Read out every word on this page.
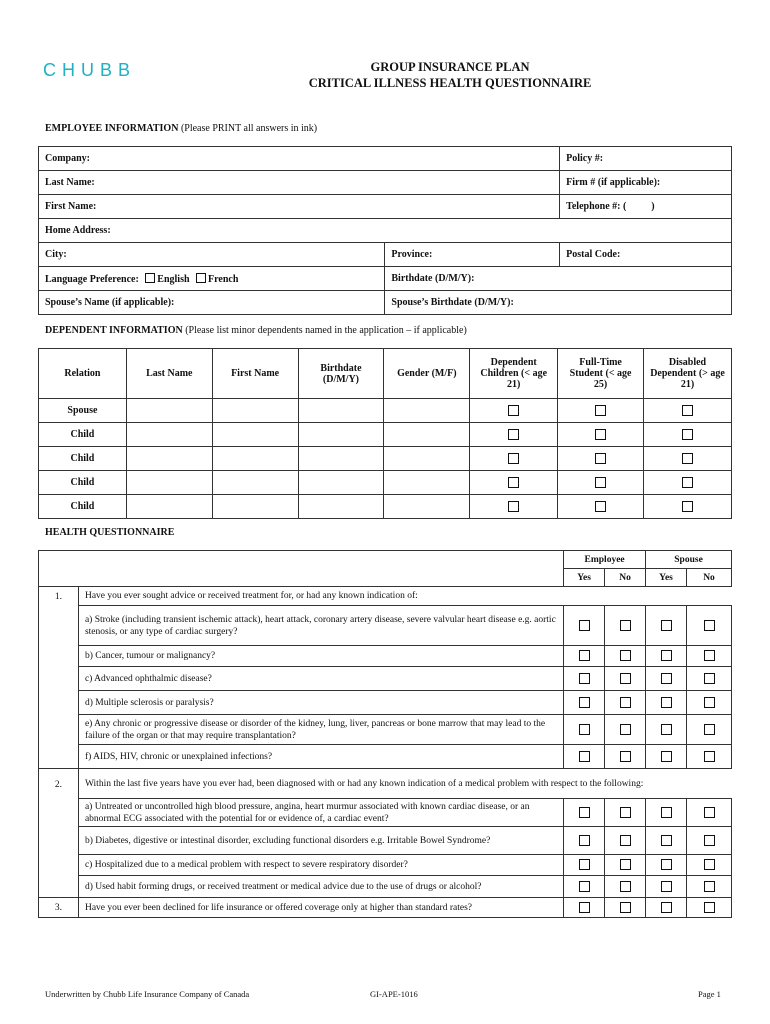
CHUBB	GROUP INSURANCE PLAN
CRITICAL ILLNESS HEALTH QUESTIONNAIRE
EMPLOYEE INFORMATION (Please PRINT all answers in ink)
Company:		Policy #:
Last Name:		Firm # (if applicable):
First Name:		Telephone #: (          )
Home Address:		
City:	Province:	Postal Code:
Language Preference: English French	Birthdate (D/M/Y):	
Spouse’s Name (if applicable):	Spouse’s Birthdate (D/M/Y):	
DEPENDENT INFORMATION (Please list minor dependents named in the application – if applicable)
Relation	Last Name	First Name	Birthdate (D/M/Y)	Gender (M/F)	Dependent Children (< age 21)	Full-Time Student (< age 25)	Disabled Dependent (> age 21)
Spouse							
Child							
Child							
Child							
Child							
HEALTH QUESTIONNAIRE
		Employee		Spouse	
		Yes	No	Yes	No
1.	Have you ever sought advice or received treatment for, or had any known indication of:				
	a) Stroke (including transient ischemic attack), heart attack, coronary artery disease, severe valvular heart disease e.g. aortic stenosis, or any type of cardiac surgery?				
	b) Cancer, tumour or malignancy?				
	c) Advanced ophthalmic disease?				
	d) Multiple sclerosis or paralysis?				
	e) Any chronic or progressive disease or disorder of the kidney, lung, liver, pancreas or bone marrow that may lead to the failure of the organ or that may require transplantation?				
	f) AIDS, HIV, chronic or unexplained infections?				
2.	Within the last five years have you ever had, been diagnosed with or had any known indication of a medical problem with respect to the following:				
	a) Untreated or uncontrolled high blood pressure, angina, heart murmur associated with known cardiac disease, or an abnormal ECG associated with the potential for or evidence of, a cardiac event?				
	b) Diabetes, digestive or intestinal disorder, excluding functional disorders e.g. Irritable Bowel Syndrome?				
	c) Hospitalized due to a medical problem with respect to severe respiratory disorder?				
	d) Used habit forming drugs, or received treatment or medical advice due to the use of drugs or alcohol?				
3.	Have you ever been declined for life insurance or offered coverage only at higher than standard rates?				
Underwritten by Chubb Life Insurance Company of Canada	GI-APE-1016	Page 1
